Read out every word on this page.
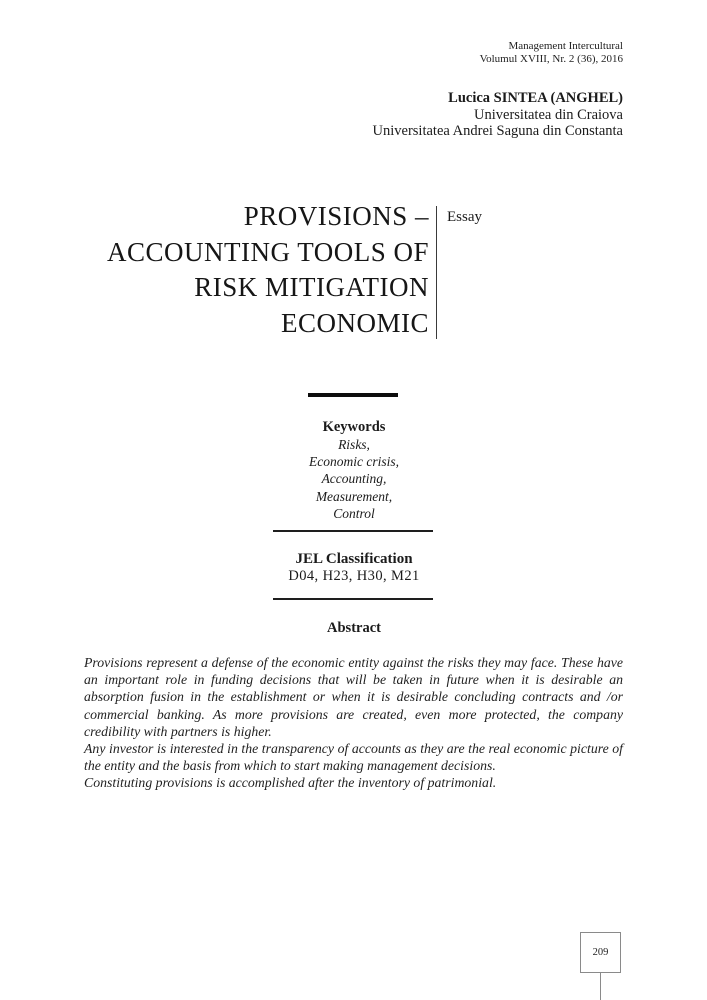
Management Intercultural
Volumul XVIII, Nr. 2 (36), 2016
Lucica SINTEA (ANGHEL)
Universitatea din Craiova
Universitatea Andrei Saguna din Constanta
PROVISIONS –
ACCOUNTING TOOLS OF
RISK MITIGATION
ECONOMIC
Essay
Keywords
Risks,
Economic crisis,
Accounting,
Measurement,
Control
JEL Classification
D04, H23, H30, M21
Abstract

Provisions represent a defense of the economic entity against the risks they may face. These have an important role in funding decisions that will be taken in future when it is desirable an absorption fusion in the establishment or when it is desirable concluding contracts and /or commercial banking. As more provisions are created, even more protected, the company credibility with partners is higher.

Any investor is interested in the transparency of accounts as they are the real economic picture of the entity and the basis from which to start making management decisions.

Constituting provisions is accomplished after the inventory of patrimonial.

209
